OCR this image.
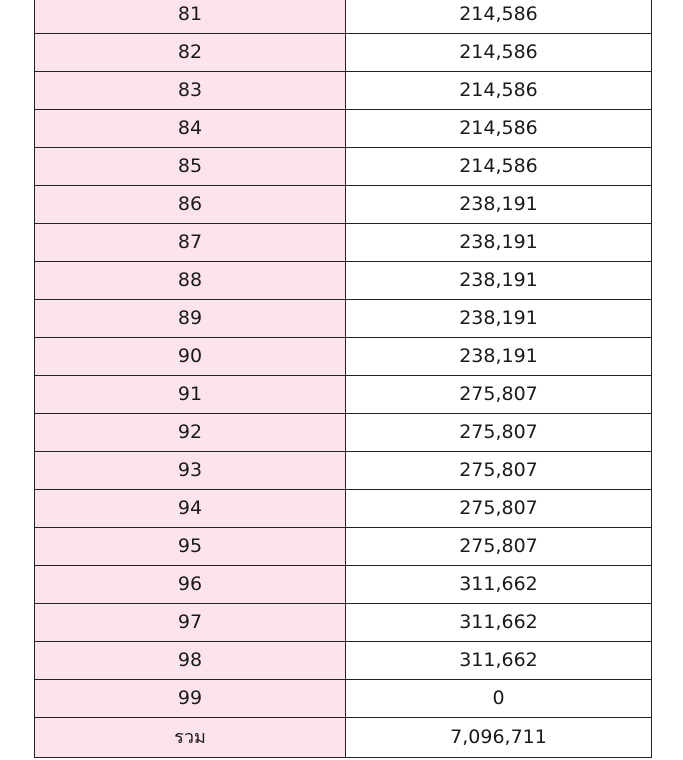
81	214,586
82	214,586
83	214,586
84	214,586
85	214,586
86	238,191
87	238,191
88	238,191
89	238,191
90	238,191
91	275,807
92	275,807
93	275,807
94	275,807
95	275,807
96	311,662
97	311,662
98	311,662
99	0
รวม	7,096,711
